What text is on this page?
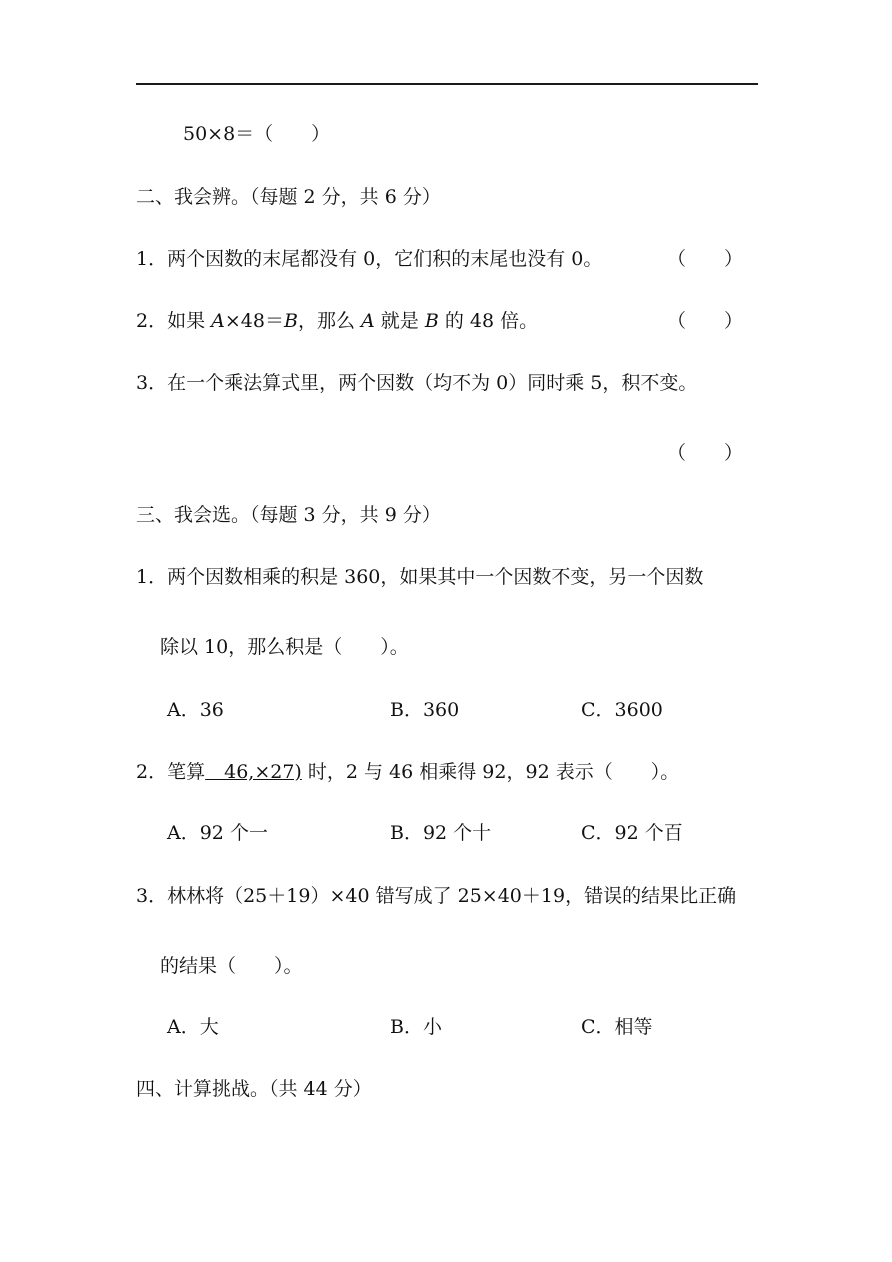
50×8＝（　　）
二、我会辨。（每题 2 分，共 6 分）
1．两个因数的末尾都没有 0，它们积的末尾也没有 0。	（　　）
2．如果 A×48＝B，那么 A 就是 B 的 48 倍。	（　　）
3．在一个乘法算式里，两个因数（均不为 0）同时乘 5，积不变。
（　　）
三、我会选。（每题 3 分，共 9 分）
1．两个因数相乘的积是 360，如果其中一个因数不变，另一个因数
除以 10，那么积是（　　）。
A．36	B．360	C．3600
2．笔算　46,×27) 时，2 与 46 相乘得 92，92 表示（　　）。
A．92 个一	B．92 个十	C．92 个百
3．林林将（25＋19）×40 错写成了 25×40＋19，错误的结果比正确
的结果（　　）。
A．大	B．小	C．相等
四、计算挑战。（共 44 分）
